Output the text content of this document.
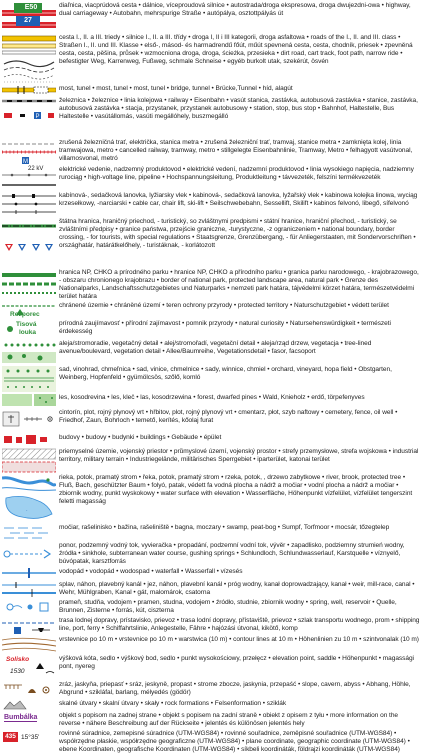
E50
27
diaľnica, viacprúdová cesta • dálnice, víceproudová silnice • autostrada/droga ekspresowa, droga dwujezdni-owa • highway, dual carriageway • Autobahn, mehrspurige Straße • autópálya, osztottpályás út
cesta I., II. a III. triedy • silnice I., II. a III. třídy • droga I, II i III kategorii, droga asfaltowa • roads of the I., II. and III. class • Straßen I., II. und III. Klasse • első-, másod- és harmadrendű főút, műút spevnená cesta, cesta, chodník, priesek • zpevněná cesta, cesta, pěšina, průsek • wzmocniona droga, droga, ścieżka, przesieka • dirt road, cart track, foot path, narrow ride • befestigter Weg, Karrenweg, Fußweg, schmale Schneise • egyéb burkolt utak, szekérút, ösvén
most, tunel • most, tunel • most, tunel • bridge, tunnel • Brücke,Tunnel • híd, alagút
P
železnica • železnice • linia kolejowa • railway • Eisenbahn • vasút stanica, zastávka, autobusová zastávka • stanice, zastávka, autobusová zastávka • stacja, przystanek, przystanek autobusowy • station, stop, bus stop • Bahnhof, Haltestelle, Bus Haltestelle • vasútállomás, vasúti megállóhely, buszmegálló
M
zrušená železničná trať, električka, stanica metra • zrušená železniční trať, tramvaj, stanice metra • zamknięta kolej, linia tramwajowa, metro • cancelled railway, tramway, metro • stillgelegte Eisenbahnlinie, Tramway, Metro • felhagyott vasútvonal, villamosvonal, metró
22 kV elektrické vedenie, nadzemný produktovod • elektrické vedení, nadzemní produktovod • linia wysokiego napięcia, nadziemny rurociąg • high-voltage line, pipeline • Hochspannungsleitung, Produktleitung • távvezeték, felszíni termékvezeték
kabínová-, sedačková lanovka, lyžiarsky vlek • kabinová-, sedačková lanovka, lyžařský vlek • kabinowa kolejka linowa, wyciąg krzesełkowy, -narciarski • cable car, chair lift, ski-lift • Seilschwebebahn, Sessellift, Skilift • kabinos felvonó, libegő, sífelvonó
štátna hranica, hraničný priechod, - turistický, so zvláštnymi predpismi • státní hranice, hraniční přechod, - turistický, se zvláštními předpisy • granice państwa, przejście graniczne, -turystyczne, -z ograniczeniem • national boundary, border crossing, - for tourists, with special regulations • Staatsgrenze, Grenzübergang, - für Anliegerstaaten, mit Sondervorschriften • országhatár, határátkelőhely, - turistáknak, - korlátozott
hranica NP, CHKO a prírodného parku • hranice NP, CHKO a přírodního parku • granica parku narodowego, - krajobrazowego, - obszaru chronionego krajobrazu • border of national park, protected landscape area, natural park • Grenze des Nationalparks, Landschaftsschutzgebietes und Naturparks • nemzeti park határa, tájvédelmi körzet határa, természetvédelmi terület határa
Rozporec
chránené územie • chráněné území • teren ochrony przyrody • protected territory • Naturschutzgebiet • védett terület
Tisová
louka
prírodná zaujímavosť • přírodní zajímavost • pomnik przyrody • natural curiosity • Natursehenswürdigkeit • természeti érdekesség
aleja/stromoradie, vegetačný detail • alej/stromořadí, vegetační detail • aleja/rząd drzew, vegetacja • tree-lined avenue/boulevard, vegetation detail • Allee/Baumreihe, Vegetationsdetail • fasor, facsoport
sad, vinohrad, chmeľnica • sad, vinice, chmelnice • sady, winnice, chmiel • orchard, vineyard, hopa field • Obstgarten, Weinberg, Hopfenfeld • gyümölcsös, szőlő, komló
les, kosodrevina • les, kleč • las, kosodrzewina • forest, dwarfed pines • Wald, Knieholz • erdő, törpefenyves
cintorín, plot, rojný plynový vrt • hřbitov, plot, rojný plynový vrt • cmentarz, płot, szyb naftowy • cemetery, fence, oil well • Friedhof, Zaun, Bohrloch • temető, kerítés, kőolaj furat
budovy • budovy • budynki • buildings • Gebäude • épület
priemyselné územie, vojenský priestor • průmyslové území, vojenský prostor • strefy przemysłowe, strefa wojskowa • industrial territory, military terrain • Industriegelände, militärisches Sperrgebiet • iparterület, katonai terület
·
rieka, potok, pramatý strom • řeka, potok, pramatý strom • rzeka, potok, , drzewo zabytkowe • river, brook, protected tree • Fluß, Bach, geschützter Baum • folyó, patak, védett fa vodná plocha a nádrž a močiar • vodní plocha a nádrž a močiar • zbiornik wodny, punkt wyskokowy • water surface with elevation • Wasserfläche, Höhenpunkt vízfelület, vízfelület tengerszint feletti magasság
močiar, rašelinisko • bažina, rašeliniště • bagna, moczary • swamp, peat-bog • Sumpf, Torfmoor • mocsár, tőzegtelep
ponor, podzemný vodný tok, vyvieračka • propadání, podzemní vodní tok, vývěr • zapadlisko, podziemny strumień wodny, źródła • sinkhole, subterranean water course, gushing springs • Schlundloch, Schlundwasserlauf, Karstquelle • víznyelő, búvópatak, karsztforrás
vodopád • vodopád • wodospad • waterfall • Wasserfall • vízesés
splav, náhon, plavebný kanál • jez, náhon, plavební kanál • próg wodny, kanał doprowadzający, kanał • weir, mill-race, canal • Wehr, Mühlgraben, Kanal • gát, malomárok, csatorna
prameň, studňa, vodojem • pramen, studna, vodojem • źródło, studnie, zbiornik wodny • spring, well, reservoir • Quelle, Brunnen, Zisterne • forrás, kút, ciszterna
trasa lodnej dopravy, prístavisko, prievoz • trasa lodní dopravy, přístaviště, prievoz • szlak transportu wodnego, prom • shipping line, port, ferry • Schiffahrtslinie, Anlegestelle, Fähre • hajózási útvonal, kikötő, komp
vrstevnice po 10 m • vrstevnice po 10 m • warstwica (10 m) • contour lines at 10 m • Höhenlinien zu 10 m • szintvonalak (10 m)
Solisko
1530
výšková kóta, sedlo • výškový bod, sedlo • punkt wysokościowy, przełęcz • elevation point, saddle • Höhenpunkt • magassági pont, nyereg
zráz, jaskyňa, priepasť • sráz, jeskyně, propast • strome zbocze, jaskynia, przepaść • slope, cavern, abyss • Abhang, Höhle, Abgrund • szikláfal, barlang, mélyedés (gödör)
skalné útvary • skalní útvary • skały • rock formations • Felsenformation • sziklák
Bumbálka	objekt s popisom na zadnej strane • objekt s popisem na zadní straně • obiekt z opisem z tyłu • more information on the reverse • nähere Beschreibung auf der Rückseite • jelentés és különösen jelentés hely
435 15°35'
rovinné súradnice, zemepisné súradnice (UTM-WGS84) • rovinné souřadnice, zeměpisné souřadnice (UTM-WGS84) • współrzędne płaskie, współrzędne geograficzne (UTM-WGS84) • plane coordinate, geographic coordinate (UTM-WGS84) • ebene Koordinaten, geografische Koordinaten (UTM-WGS84) • síkbeli koordináták, földrajzi koordináták (UTM-WGS84)
